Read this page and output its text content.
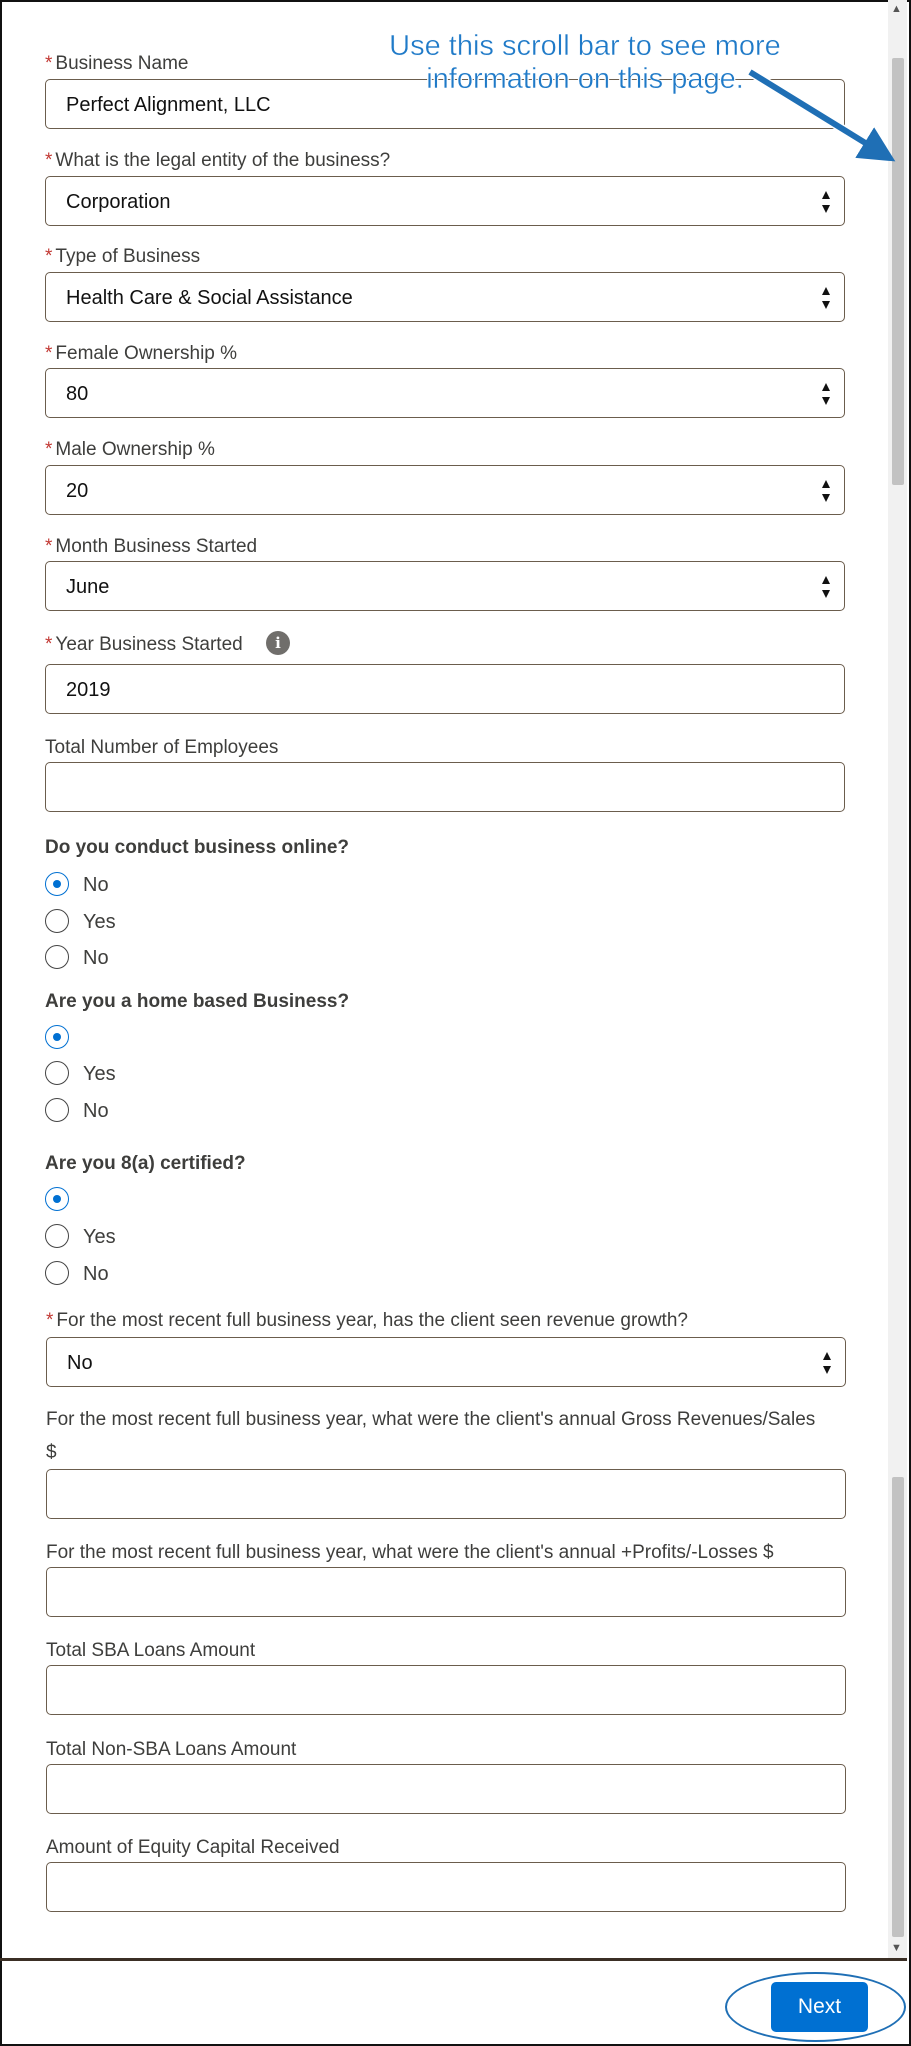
* Business Name
Perfect Alignment, LLC
* What is the legal entity of the business?
Corporation
* Type of Business
Health Care & Social Assistance
* Female Ownership %
80
* Male Ownership %
20
* Month Business Started
June
* Year Business Started	i
2019
Total Number of Employees
Do you conduct business online?
No
Yes
No
Are you a home based Business?
Yes
No
Are you 8(a) certified?
Yes
No
* For the most recent full business year, has the client seen revenue growth?
No
For the most recent full business year, what were the client's annual Gross Revenues/Sales
$
For the most recent full business year, what were the client's annual +Profits/-Losses $
Total SBA Loans Amount
Total Non-SBA Loans Amount
Amount of Equity Capital Received
▲
▼
Next
Use this scroll bar to see more
information on this page.
